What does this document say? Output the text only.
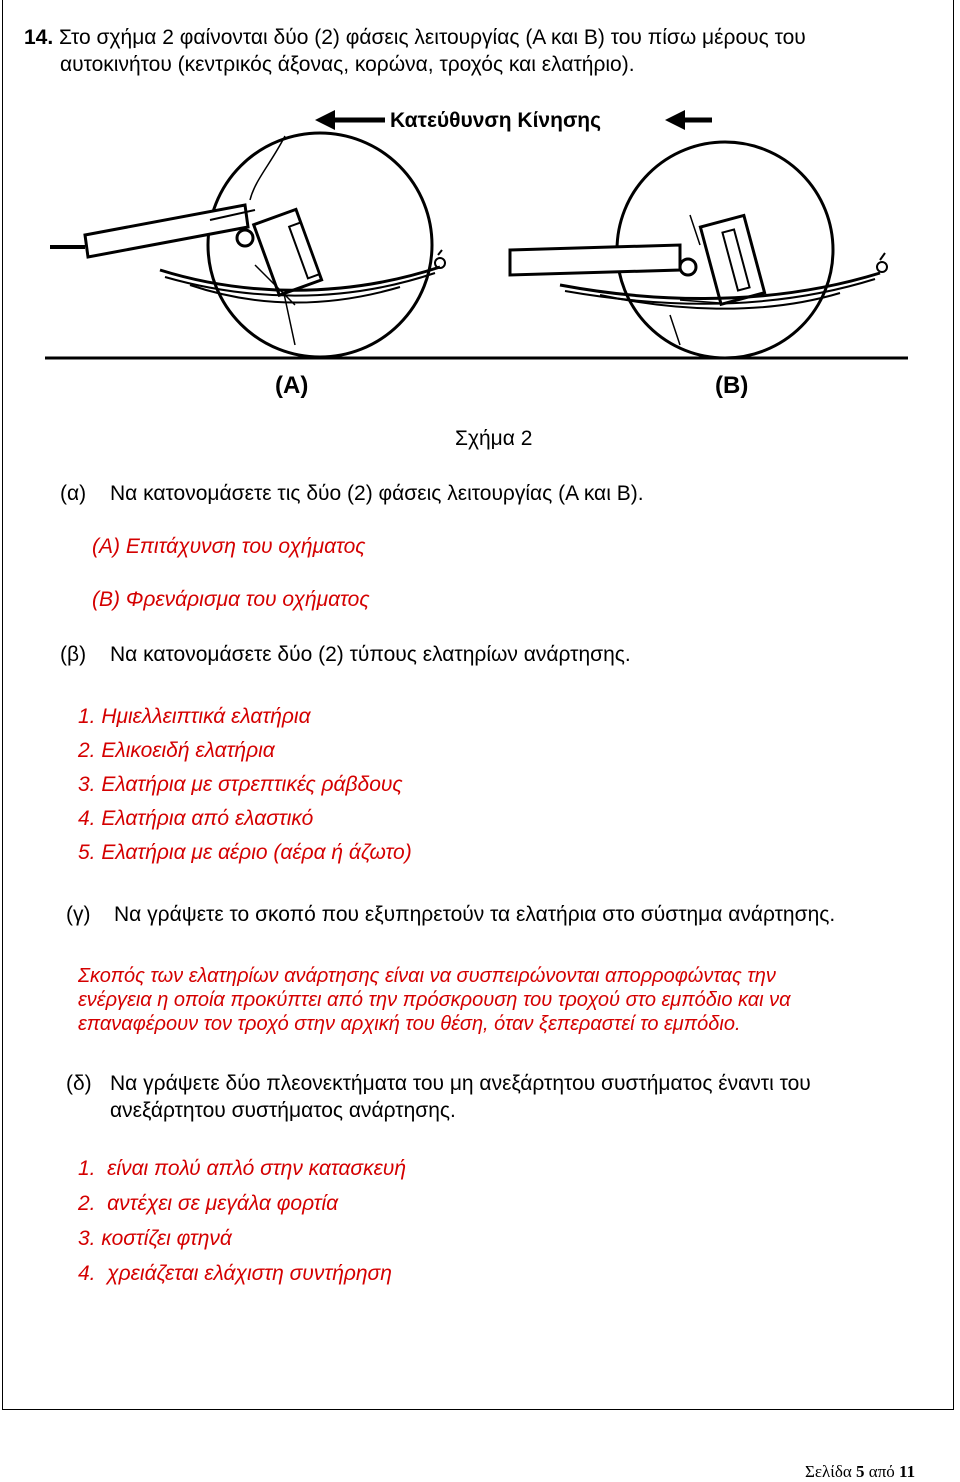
14. Στο σχήμα 2 φαίνονται δύο (2) φάσεις λειτουργίας (Α και Β) του πίσω μέρους του
αυτοκινήτου (κεντρικός άξονας, κορώνα, τροχός και ελατήριο).
Κατεύθυνση Κίνησης
(A)	(B)
Σχήμα 2
(α) Να κατονομάσετε τις δύο (2) φάσεις λειτουργίας (Α και Β).
(Α) Επιτάχυνση του οχήματος
(Β) Φρενάρισμα του οχήματος
(β) Να κατονομάσετε δύο (2) τύπους ελατηρίων ανάρτησης.
1. Ημιελλειπτικά ελατήρια
2. Ελικοειδή ελατήρια
3. Ελατήρια με στρεπτικές ράβδους
4. Ελατήρια από ελαστικό
5. Ελατήρια με αέριο (αέρα ή άζωτο)
(γ) Να γράψετε το σκοπό που εξυπηρετούν τα ελατήρια στο σύστημα ανάρτησης.
Σκοπός των ελατηρίων ανάρτησης είναι να συσπειρώνονται απορροφώντας την
ενέργεια η οποία προκύπτει από την πρόσκρουση του τροχού στο εμπόδιο και να
επαναφέρουν τον τροχό στην αρχική του θέση, όταν ξεπεραστεί το εμπόδιο.
(δ) Να γράψετε δύο πλεονεκτήματα του μη ανεξάρτητου συστήματος έναντι του
ανεξάρτητου συστήματος ανάρτησης.
1.  είναι πολύ απλό στην κατασκευή
2.  αντέχει σε μεγάλα φορτία
3. κοστίζει φτηνά
4.  χρειάζεται ελάχιστη συντήρηση
Σελίδα 5 από 11
